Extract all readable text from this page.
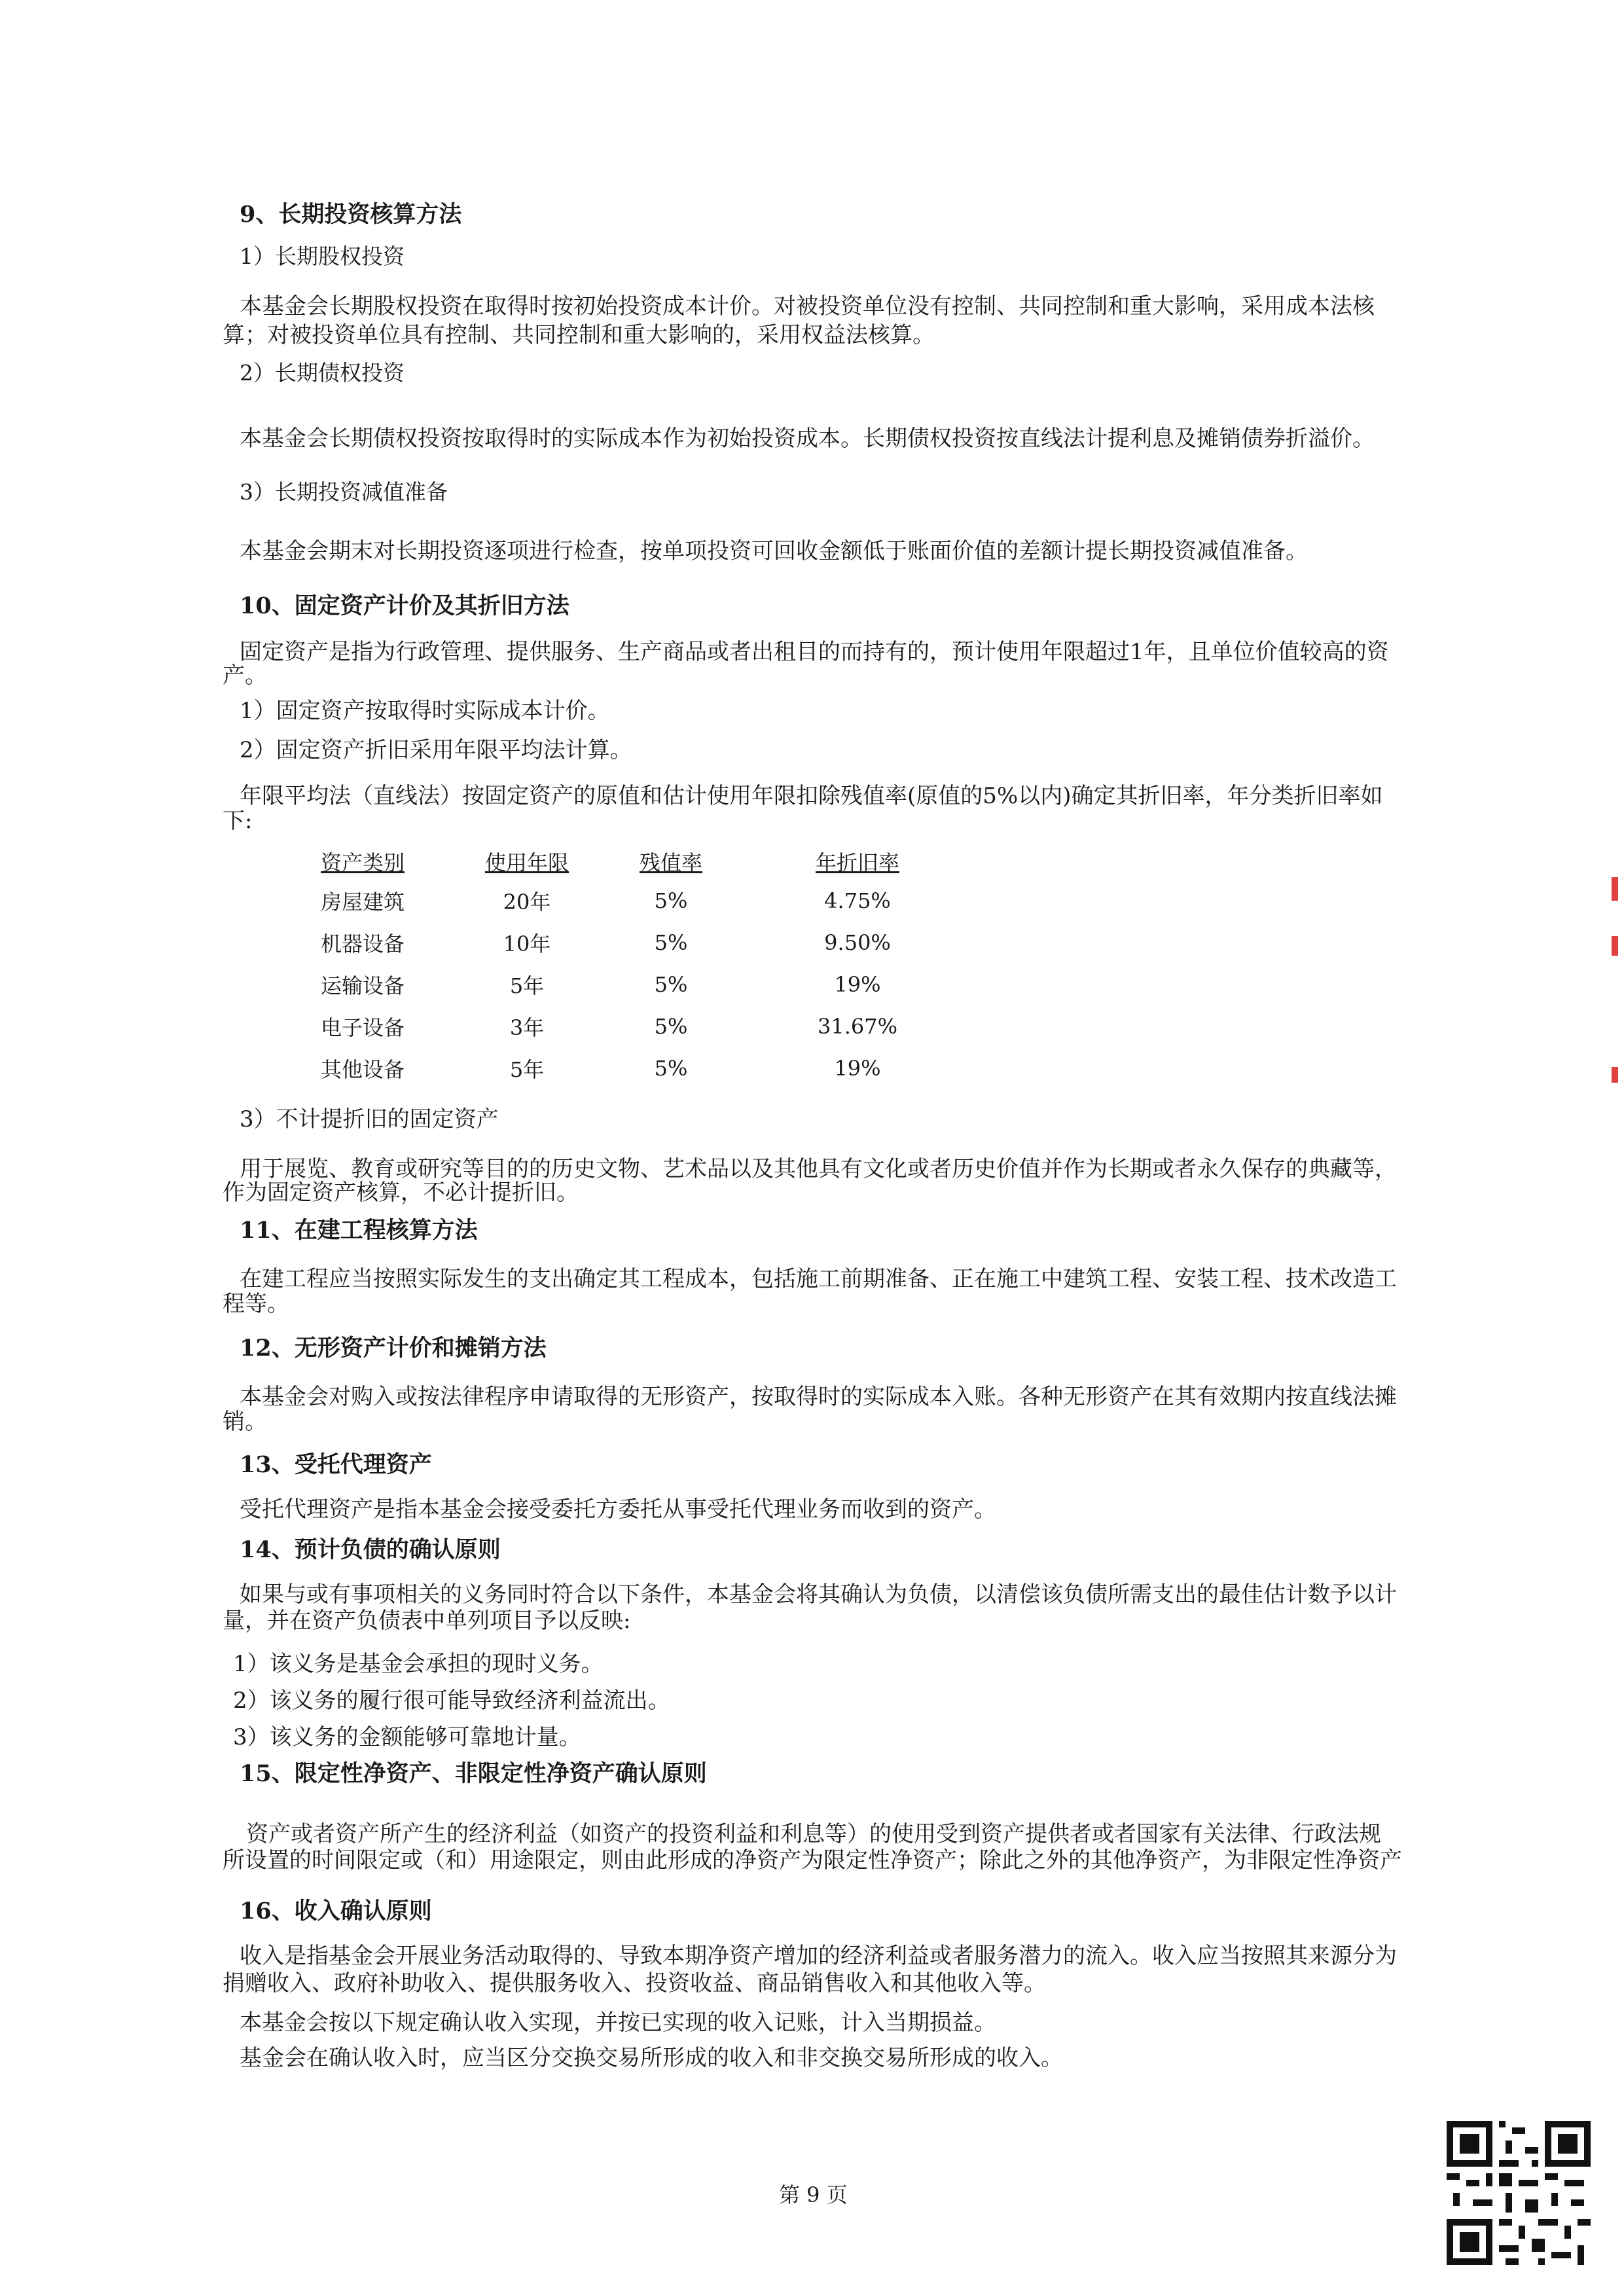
9、长期投资核算方法
1）长期股权投资
本基金会长期股权投资在取得时按初始投资成本计价。对被投资单位没有控制、共同控制和重大影响，采用成本法核
算；对被投资单位具有控制、共同控制和重大影响的，采用权益法核算。
2）长期债权投资
本基金会长期债权投资按取得时的实际成本作为初始投资成本。长期债权投资按直线法计提利息及摊销债券折溢价。
3）长期投资减值准备
本基金会期末对长期投资逐项进行检查，按单项投资可回收金额低于账面价值的差额计提长期投资减值准备。
10、固定资产计价及其折旧方法
固定资产是指为行政管理、提供服务、生产商品或者出租目的而持有的，预计使用年限超过1年，且单位价值较高的资
产。
1）固定资产按取得时实际成本计价。
2）固定资产折旧采用年限平均法计算。
年限平均法（直线法）按固定资产的原值和估计使用年限扣除残值率(原值的5%以内)确定其折旧率，年分类折旧率如
下:
资产类别	使用年限	残值率	年折旧率
房屋建筑	20年	5%	4.75%
机器设备	10年	5%	9.50%
运输设备	5年	5%	19%
电子设备	3年	5%	31.67%
其他设备	5年	5%	19%
3）不计提折旧的固定资产
用于展览、教育或研究等目的的历史文物、艺术品以及其他具有文化或者历史价值并作为长期或者永久保存的典藏等，
作为固定资产核算，不必计提折旧。
11、在建工程核算方法
在建工程应当按照实际发生的支出确定其工程成本，包括施工前期准备、正在施工中建筑工程、安装工程、技术改造工
程等。
12、无形资产计价和摊销方法
本基金会对购入或按法律程序申请取得的无形资产，按取得时的实际成本入账。各种无形资产在其有效期内按直线法摊
销。
13、受托代理资产
受托代理资产是指本基金会接受委托方委托从事受托代理业务而收到的资产。
14、预计负债的确认原则
如果与或有事项相关的义务同时符合以下条件，本基金会将其确认为负债，以清偿该负债所需支出的最佳估计数予以计
量，并在资产负债表中单列项目予以反映:
1）该义务是基金会承担的现时义务。
2）该义务的履行很可能导致经济利益流出。
3）该义务的金额能够可靠地计量。
15、限定性净资产、非限定性净资产确认原则
资产或者资产所产生的经济利益（如资产的投资利益和利息等）的使用受到资产提供者或者国家有关法律、行政法规
所设置的时间限定或（和）用途限定，则由此形成的净资产为限定性净资产；除此之外的其他净资产，为非限定性净资产
16、收入确认原则
收入是指基金会开展业务活动取得的、导致本期净资产增加的经济利益或者服务潜力的流入。收入应当按照其来源分为
捐赠收入、政府补助收入、提供服务收入、投资收益、商品销售收入和其他收入等。
本基金会按以下规定确认收入实现，并按已实现的收入记账，计入当期损益。
基金会在确认收入时，应当区分交换交易所形成的收入和非交换交易所形成的收入。
第 9 页
